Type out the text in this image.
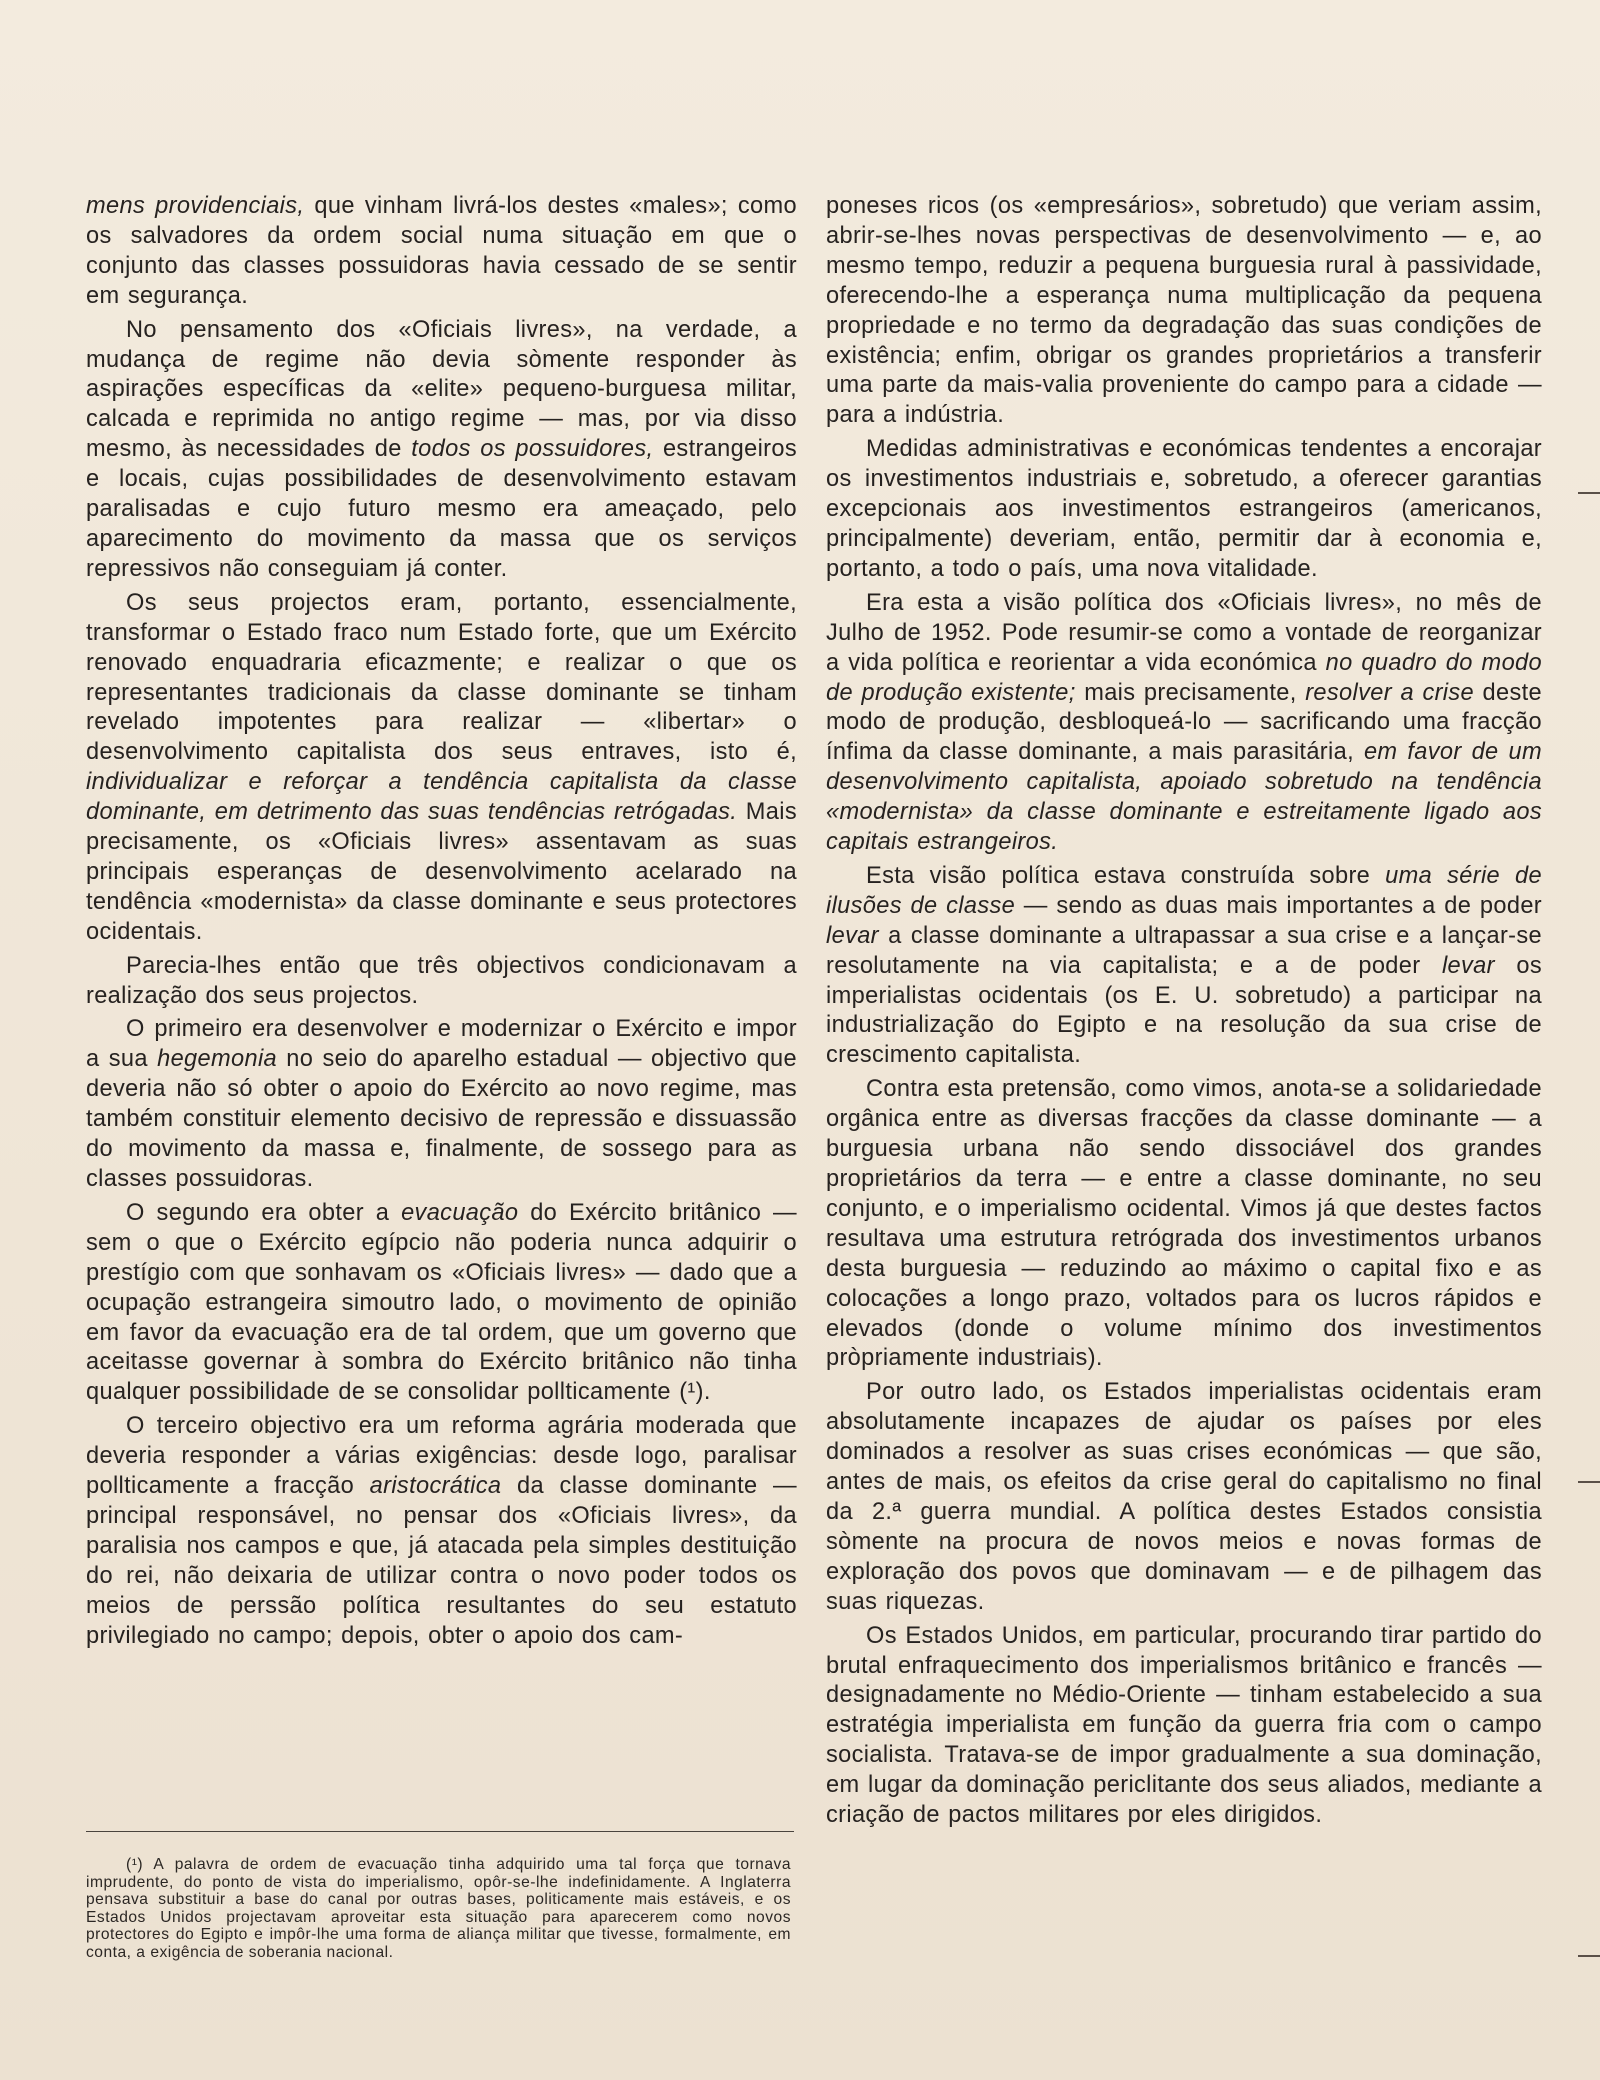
mens providenciais, que vinham livrá-los destes «males»; como os salvadores da ordem social numa situação em que o conjunto das classes possuidoras havia cessado de se sentir em segurança.

No pensamento dos «Oficiais livres», na verdade, a mudança de regime não devia sòmente responder às aspirações específicas da «elite» pequeno-burguesa militar, calcada e reprimida no antigo regime — mas, por via disso mesmo, às necessidades de todos os possuidores, estrangeiros e locais, cujas possibilidades de desenvolvimento estavam paralisadas e cujo futuro mesmo era ameaçado, pelo aparecimento do movimento da massa que os serviços repressivos não conseguiam já conter.

Os seus projectos eram, portanto, essencialmente, transformar o Estado fraco num Estado forte, que um Exército renovado enquadraria eficazmente; e realizar o que os representantes tradicionais da classe dominante se tinham revelado impotentes para realizar — «libertar» o desenvolvimento capitalista dos seus entraves, isto é, individualizar e reforçar a tendência capitalista da classe dominante, em detrimento das suas tendências retrógadas. Mais precisamente, os «Oficiais livres» assentavam as suas principais esperanças de desenvolvimento acelarado na tendência «modernista» da classe dominante e seus protectores ocidentais.

Parecia-lhes então que três objectivos condicionavam a realização dos seus projectos.

O primeiro era desenvolver e modernizar o Exército e impor a sua hegemonia no seio do aparelho estadual — objectivo que deveria não só obter o apoio do Exército ao novo regime, mas também constituir elemento decisivo de repressão e dissuassão do movimento da massa e, finalmente, de sossego para as classes possuidoras.

O segundo era obter a evacuação do Exército britânico — sem o que o Exército egípcio não poderia nunca adquirir o prestígio com que sonhavam os «Oficiais livres» — dado que a ocupação estrangeira simoutro lado, o movimento de opinião em favor da evacuação era de tal ordem, que um governo que aceitasse governar à sombra do Exército britânico não tinha qualquer possibilidade de se consolidar pollticamente (¹).

O terceiro objectivo era um reforma agrária moderada que deveria responder a várias exigências: desde logo, paralisar pollticamente a fracção aristocrática da classe dominante — principal responsável, no pensar dos «Oficiais livres», da paralisia nos campos e que, já atacada pela simples destituição do rei, não deixaria de utilizar contra o novo poder todos os meios de perssão política resultantes do seu estatuto privilegiado no campo; depois, obter o apoio dos cam-

(¹) A palavra de ordem de evacuação tinha adquirido uma tal força que tornava imprudente, do ponto de vista do imperialismo, opôr-se-lhe indefinidamente. A Inglaterra pensava substituir a base do canal por outras bases, politicamente mais estáveis, e os Estados Unidos projectavam aproveitar esta situação para aparecerem como novos protectores do Egipto e impôr-lhe uma forma de aliança militar que tivesse, formalmente, em conta, a exigência de soberania nacional.

poneses ricos (os «empresários», sobretudo) que veriam assim, abrir-se-lhes novas perspectivas de desenvolvimento — e, ao mesmo tempo, reduzir a pequena burguesia rural à passividade, oferecendo-lhe a esperança numa multiplicação da pequena propriedade e no termo da degradação das suas condições de existência; enfim, obrigar os grandes proprietários a transferir uma parte da mais-valia proveniente do campo para a cidade — para a indústria.

Medidas administrativas e económicas tendentes a encorajar os investimentos industriais e, sobretudo, a oferecer garantias excepcionais aos investimentos estrangeiros (americanos, principalmente) deveriam, então, permitir dar à economia e, portanto, a todo o país, uma nova vitalidade.

Era esta a visão política dos «Oficiais livres», no mês de Julho de 1952. Pode resumir-se como a vontade de reorganizar a vida política e reorientar a vida económica no quadro do modo de produção existente; mais precisamente, resolver a crise deste modo de produção, desbloqueá-lo — sacrificando uma fracção ínfima da classe dominante, a mais parasitária, em favor de um desenvolvimento capitalista, apoiado sobretudo na tendência «modernista» da classe dominante e estreitamente ligado aos capitais estrangeiros.

Esta visão política estava construída sobre uma série de ilusões de classe — sendo as duas mais importantes a de poder levar a classe dominante a ultrapassar a sua crise e a lançar-se resolutamente na via capitalista; e a de poder levar os imperialistas ocidentais (os E. U. sobretudo) a participar na industrialização do Egipto e na resolução da sua crise de crescimento capitalista.

Contra esta pretensão, como vimos, anota-se a solidariedade orgânica entre as diversas fracções da classe dominante — a burguesia urbana não sendo dissociável dos grandes proprietários da terra — e entre a classe dominante, no seu conjunto, e o imperialismo ocidental. Vimos já que destes factos resultava uma estrutura retrógrada dos investimentos urbanos desta burguesia — reduzindo ao máximo o capital fixo e as colocações a longo prazo, voltados para os lucros rápidos e elevados (donde o volume mínimo dos investimentos pròpriamente industriais).

Por outro lado, os Estados imperialistas ocidentais eram absolutamente incapazes de ajudar os países por eles dominados a resolver as suas crises económicas — que são, antes de mais, os efeitos da crise geral do capitalismo no final da 2.ª guerra mundial. A política destes Estados consistia sòmente na procura de novos meios e novas formas de exploração dos povos que dominavam — e de pilhagem das suas riquezas.

Os Estados Unidos, em particular, procurando tirar partido do brutal enfraquecimento dos imperialismos britânico e francês — designadamente no Médio-Oriente — tinham estabelecido a sua estratégia imperialista em função da guerra fria com o campo socialista. Tratava-se de impor gradualmente a sua dominação, em lugar da dominação periclitante dos seus aliados, mediante a criação de pactos militares por eles dirigidos.
